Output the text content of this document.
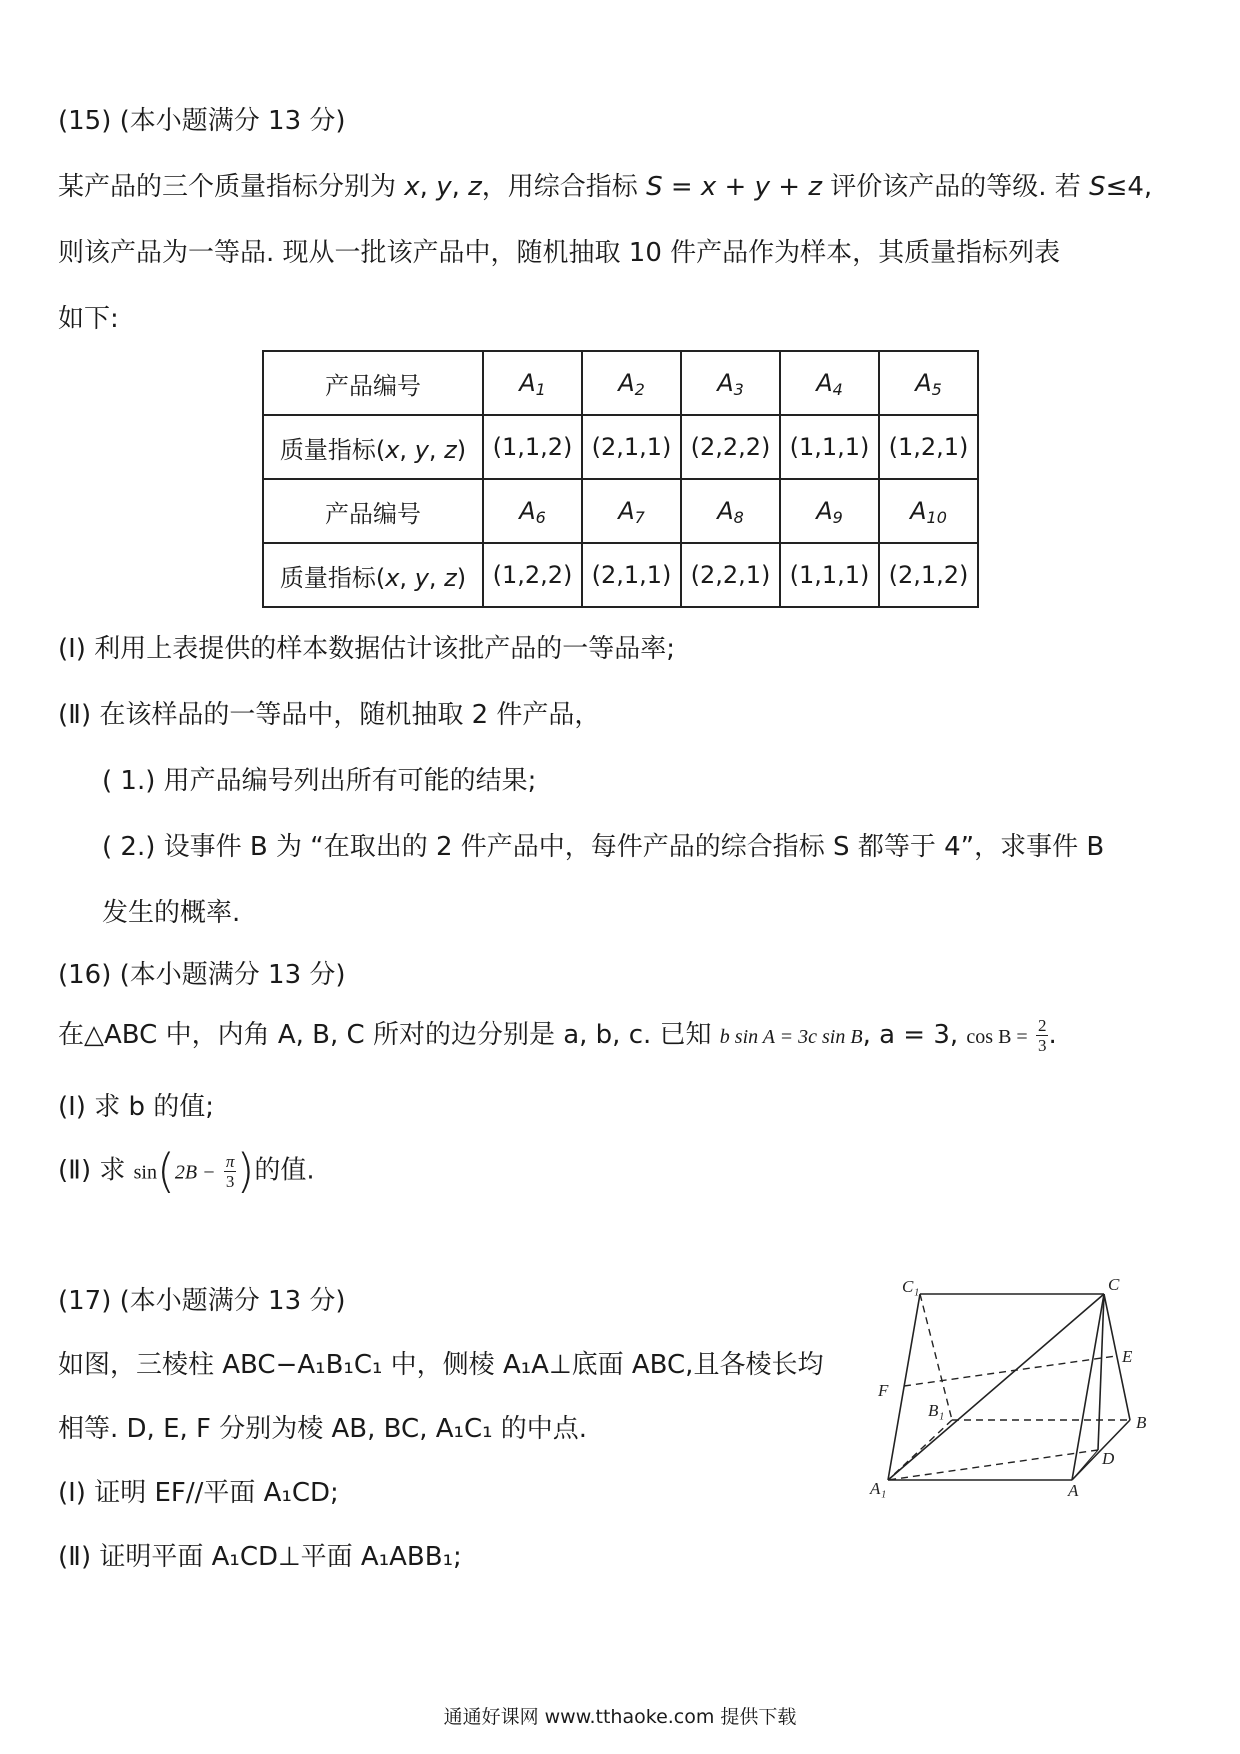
(15) (本小题满分 13 分)
某产品的三个质量指标分别为 x, y, z，用综合指标 S = x + y + z 评价该产品的等级. 若 S≤4,
则该产品为一等品. 现从一批该产品中，随机抽取 10 件产品作为样本，其质量指标列表
如下:
产品编号	$A_1$	$A_2$	$A_3$	$A_4$	$A_5$
质量指标(x, y, z)	(1,1,2)	(2,1,1)	(2,2,2)	(1,1,1)	(1,2,1)
产品编号	$A_6$	$A_7$	$A_8$	$A_9$	$A_{10}$
质量指标(x, y, z)	(1,2,2)	(2,1,1)	(2,2,1)	(1,1,1)	(2,1,2)
(Ⅰ) 利用上表提供的样本数据估计该批产品的一等品率;
(Ⅱ) 在该样品的一等品中，随机抽取 2 件产品，
( 1.) 用产品编号列出所有可能的结果;
( 2.) 设事件 B 为 “在取出的 2 件产品中，每件产品的综合指标 S 都等于 4”，求事件 B
发生的概率.
(16) (本小题满分 13 分)
在△ABC 中，内角 A, B, C 所对的边分别是 a, b, c. 已知 b sin A = 3c sin B, a = 3, $\cos B = \frac{2}{3}$ .
(Ⅰ) 求 b 的值;
(Ⅱ) 求 $\sin(2B - \frac{\pi}{3}$ )的值.
(17) (本小题满分 13 分)
如图，三棱柱 ABC−A₁B₁C₁ 中，侧棱 A₁A⊥底面 ABC,且各棱长均
相等. D, E, F 分别为棱 AB, BC, A₁C₁ 的中点.
(Ⅰ) 证明 EF//平面 A₁CD;
(Ⅱ) 证明平面 A₁CD⊥平面 A₁ABB₁;
C₁	C
E
F
B₁
B
D
A₁	A
通通好课网 www.tthaoke.com 提供下载
